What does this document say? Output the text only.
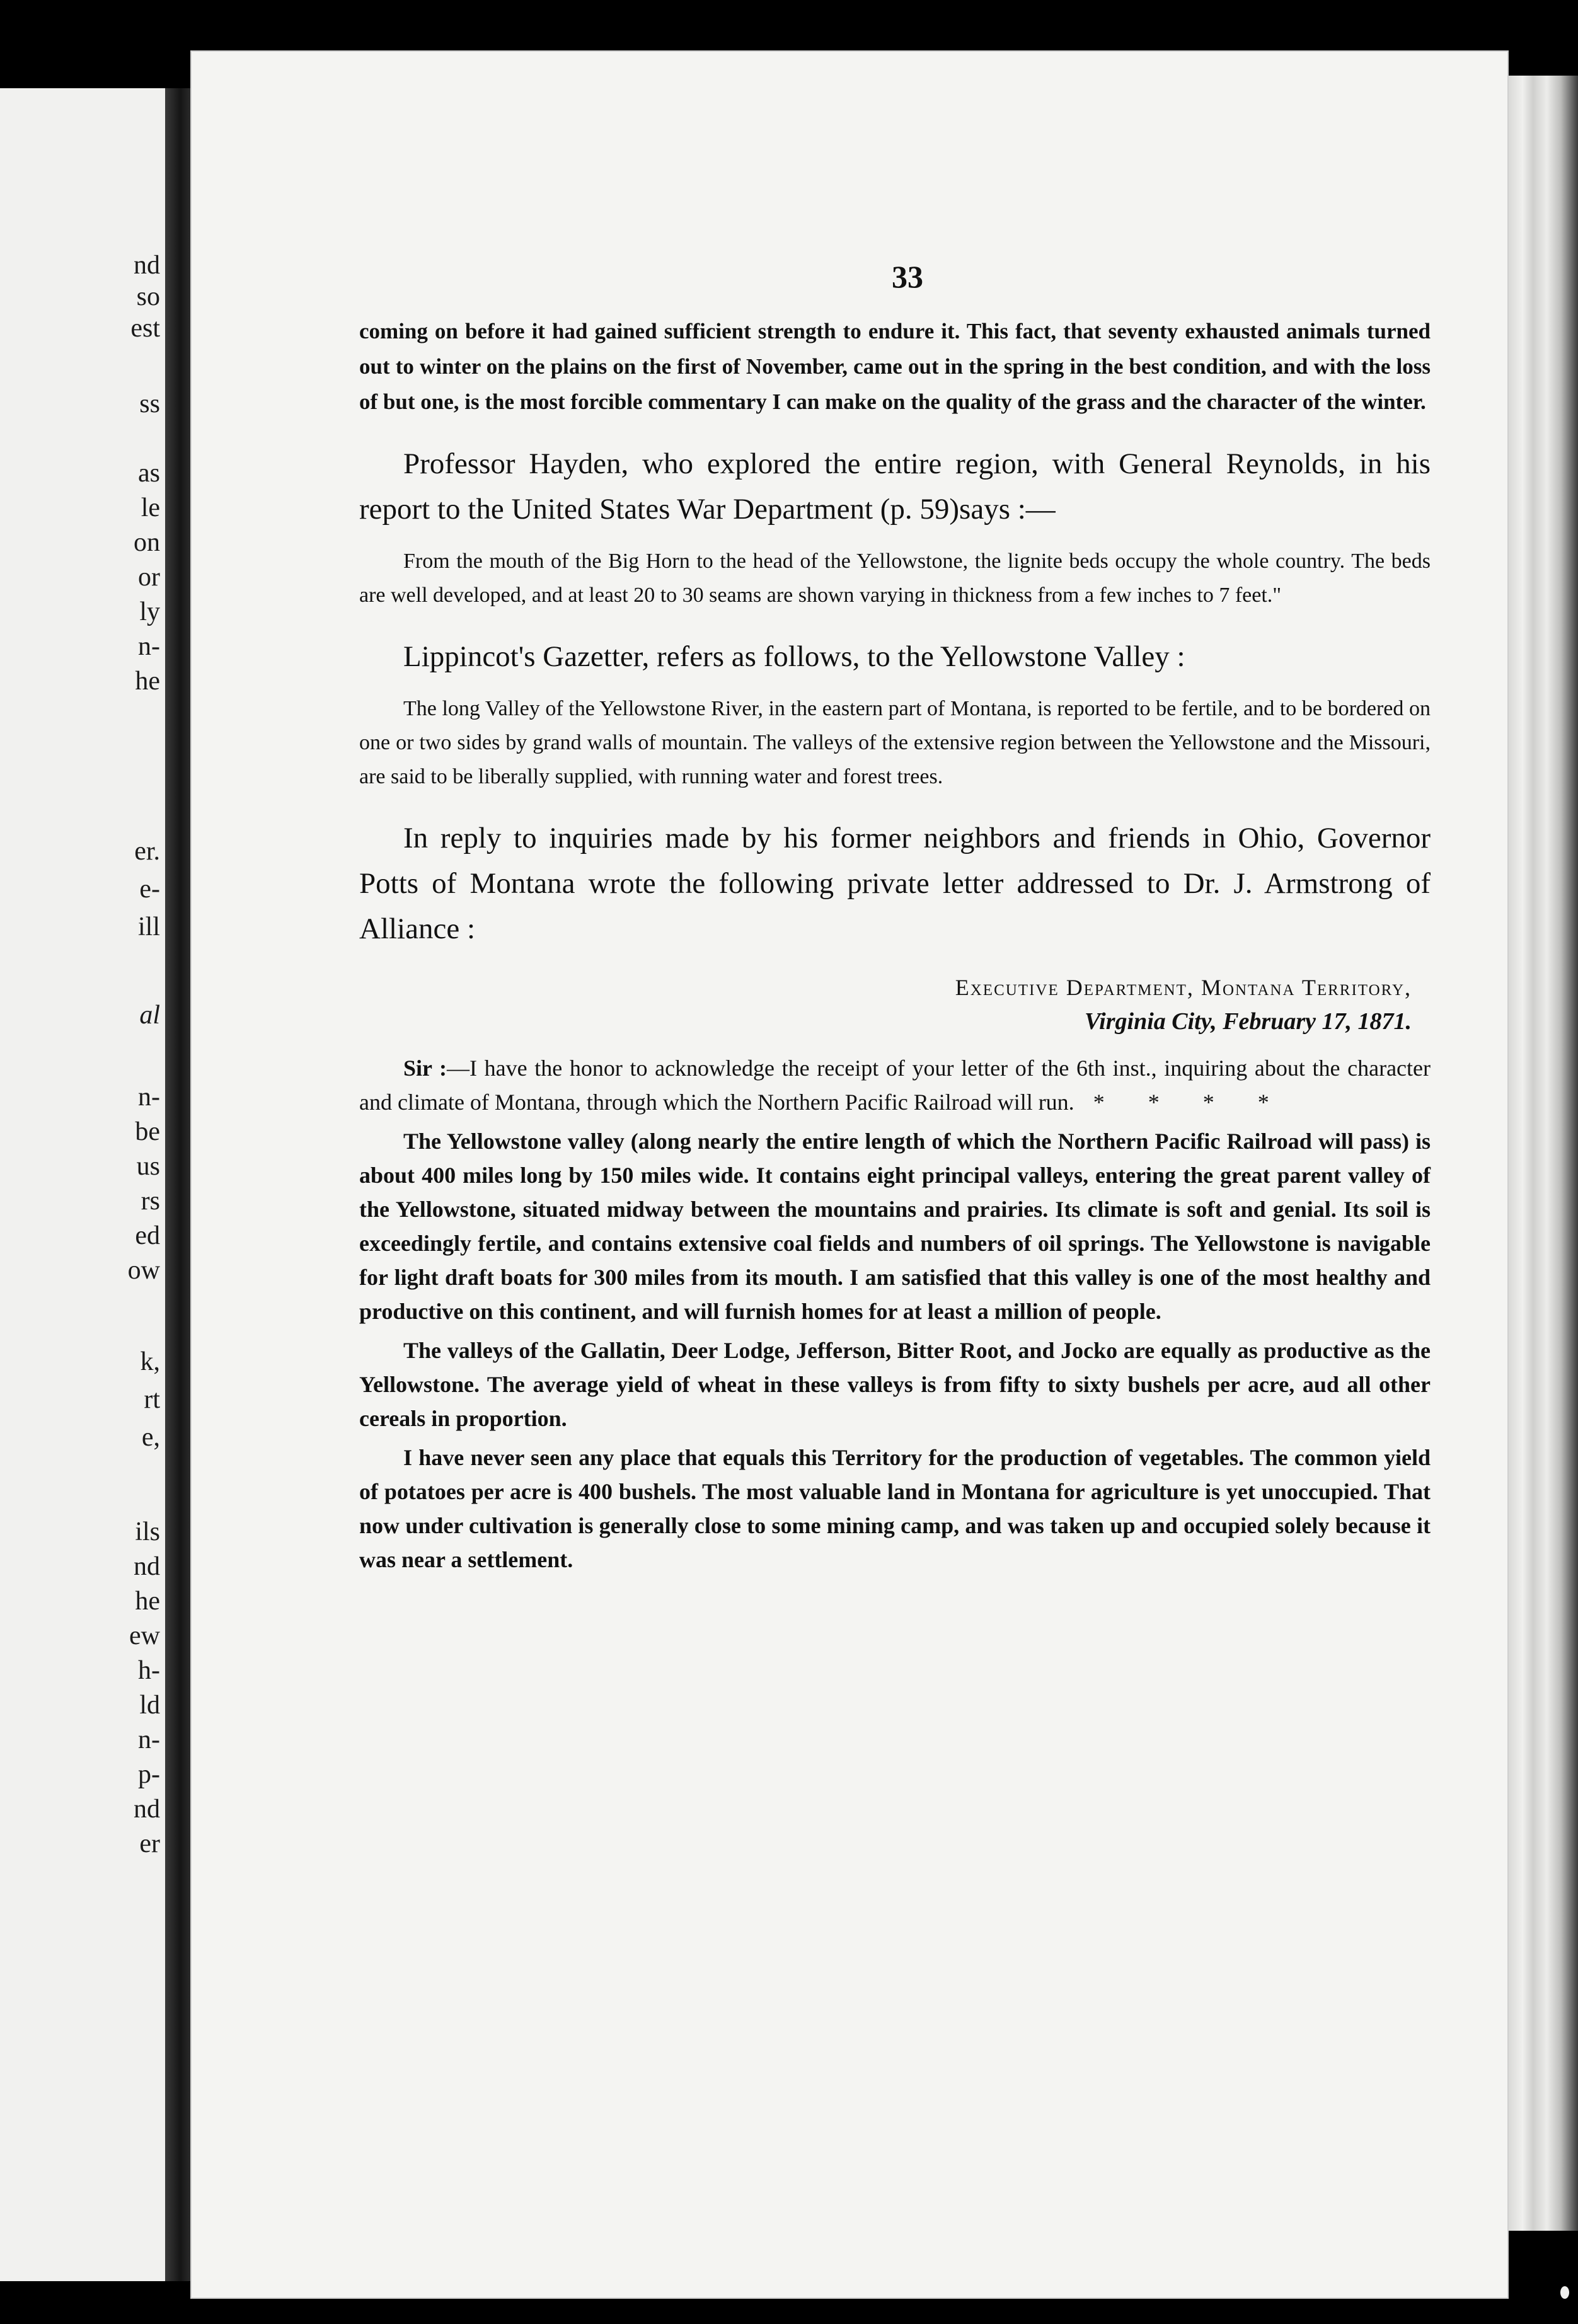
nd
so
est
ss
as
le
on
or
ly
n-
he
er.
e-
ill
al
n-
be
us
rs
ed
ow
k,
rt
e,
ils
nd
he
ew
h-
ld
n-
p-
nd
er
33

coming on before it had gained sufficient strength to endure it. This fact, that seventy exhausted animals turned out to winter on the plains on the first of November, came out in the spring in the best condition, and with the loss of but one, is the most forcible commentary I can make on the quality of the grass and the character of the winter.

Professor Hayden, who explored the entire region, with General Reynolds, in his report to the United States War Department (p. 59)says :—

From the mouth of the Big Horn to the head of the Yellowstone, the lignite beds occupy the whole country. The beds are well developed, and at least 20 to 30 seams are shown varying in thickness from a few inches to 7 feet."

Lippincot's Gazetter, refers as follows, to the Yellowstone Valley :

The long Valley of the Yellowstone River, in the eastern part of Montana, is reported to be fertile, and to be bordered on one or two sides by grand walls of mountain. The valleys of the extensive region between the Yellowstone and the Missouri, are said to be liberally supplied, with running water and forest trees.

In reply to inquiries made by his former neighbors and friends in Ohio, Governor Potts of Montana wrote the following private letter addressed to Dr. J. Armstrong of Alliance :

Executive Department, Montana Territory,
Virginia City, February 17, 1871.

Sir :—I have the honor to acknowledge the receipt of your letter of the 6th inst., inquiring about the character and climate of Montana, through which the Northern Pacific Railroad will run. * * * *

The Yellowstone valley (along nearly the entire length of which the Northern Pacific Railroad will pass) is about 400 miles long by 150 miles wide. It contains eight principal valleys, entering the great parent valley of the Yellowstone, situated midway between the mountains and prairies. Its climate is soft and genial. Its soil is exceedingly fertile, and contains extensive coal fields and numbers of oil springs. The Yellowstone is navigable for light draft boats for 300 miles from its mouth. I am satisfied that this valley is one of the most healthy and productive on this continent, and will furnish homes for at least a million of people.

The valleys of the Gallatin, Deer Lodge, Jefferson, Bitter Root, and Jocko are equally as productive as the Yellowstone. The average yield of wheat in these valleys is from fifty to sixty bushels per acre, aud all other cereals in proportion.

I have never seen any place that equals this Territory for the production of vegetables. The common yield of potatoes per acre is 400 bushels. The most valuable land in Montana for agriculture is yet unoccupied. That now under cultivation is generally close to some mining camp, and was taken up and occupied solely because it was near a settlement.
